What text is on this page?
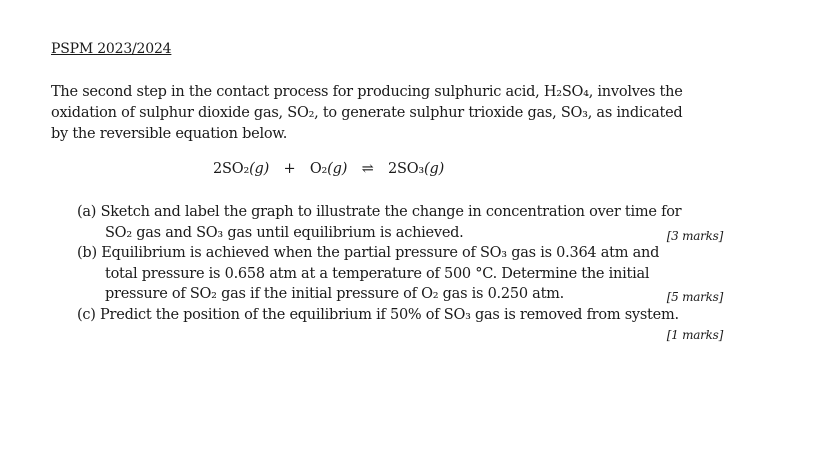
PSPM 2023/2024

The second step in the contact process for producing sulphuric acid, H₂SO₄, involves the

oxidation of sulphur dioxide gas, SO₂, to generate sulphur trioxide gas, SO₃, as indicated

by the reversible equation below.

2SO₂(g) + O₂(g) ⇌ 2SO₃(g)
(a) Sketch and label the graph to illustrate the change in concentration over time for
SO₂ gas and SO₃ gas until equilibrium is achieved.	[3 marks]
(b) Equilibrium is achieved when the partial pressure of SO₃ gas is 0.364 atm and
total pressure is 0.658 atm at a temperature of 500 °C. Determine the initial
pressure of SO₂ gas if the initial pressure of O₂ gas is 0.250 atm.	[5 marks]
(c) Predict the position of the equilibrium if 50% of SO₃ gas is removed from system.
[1 marks]
